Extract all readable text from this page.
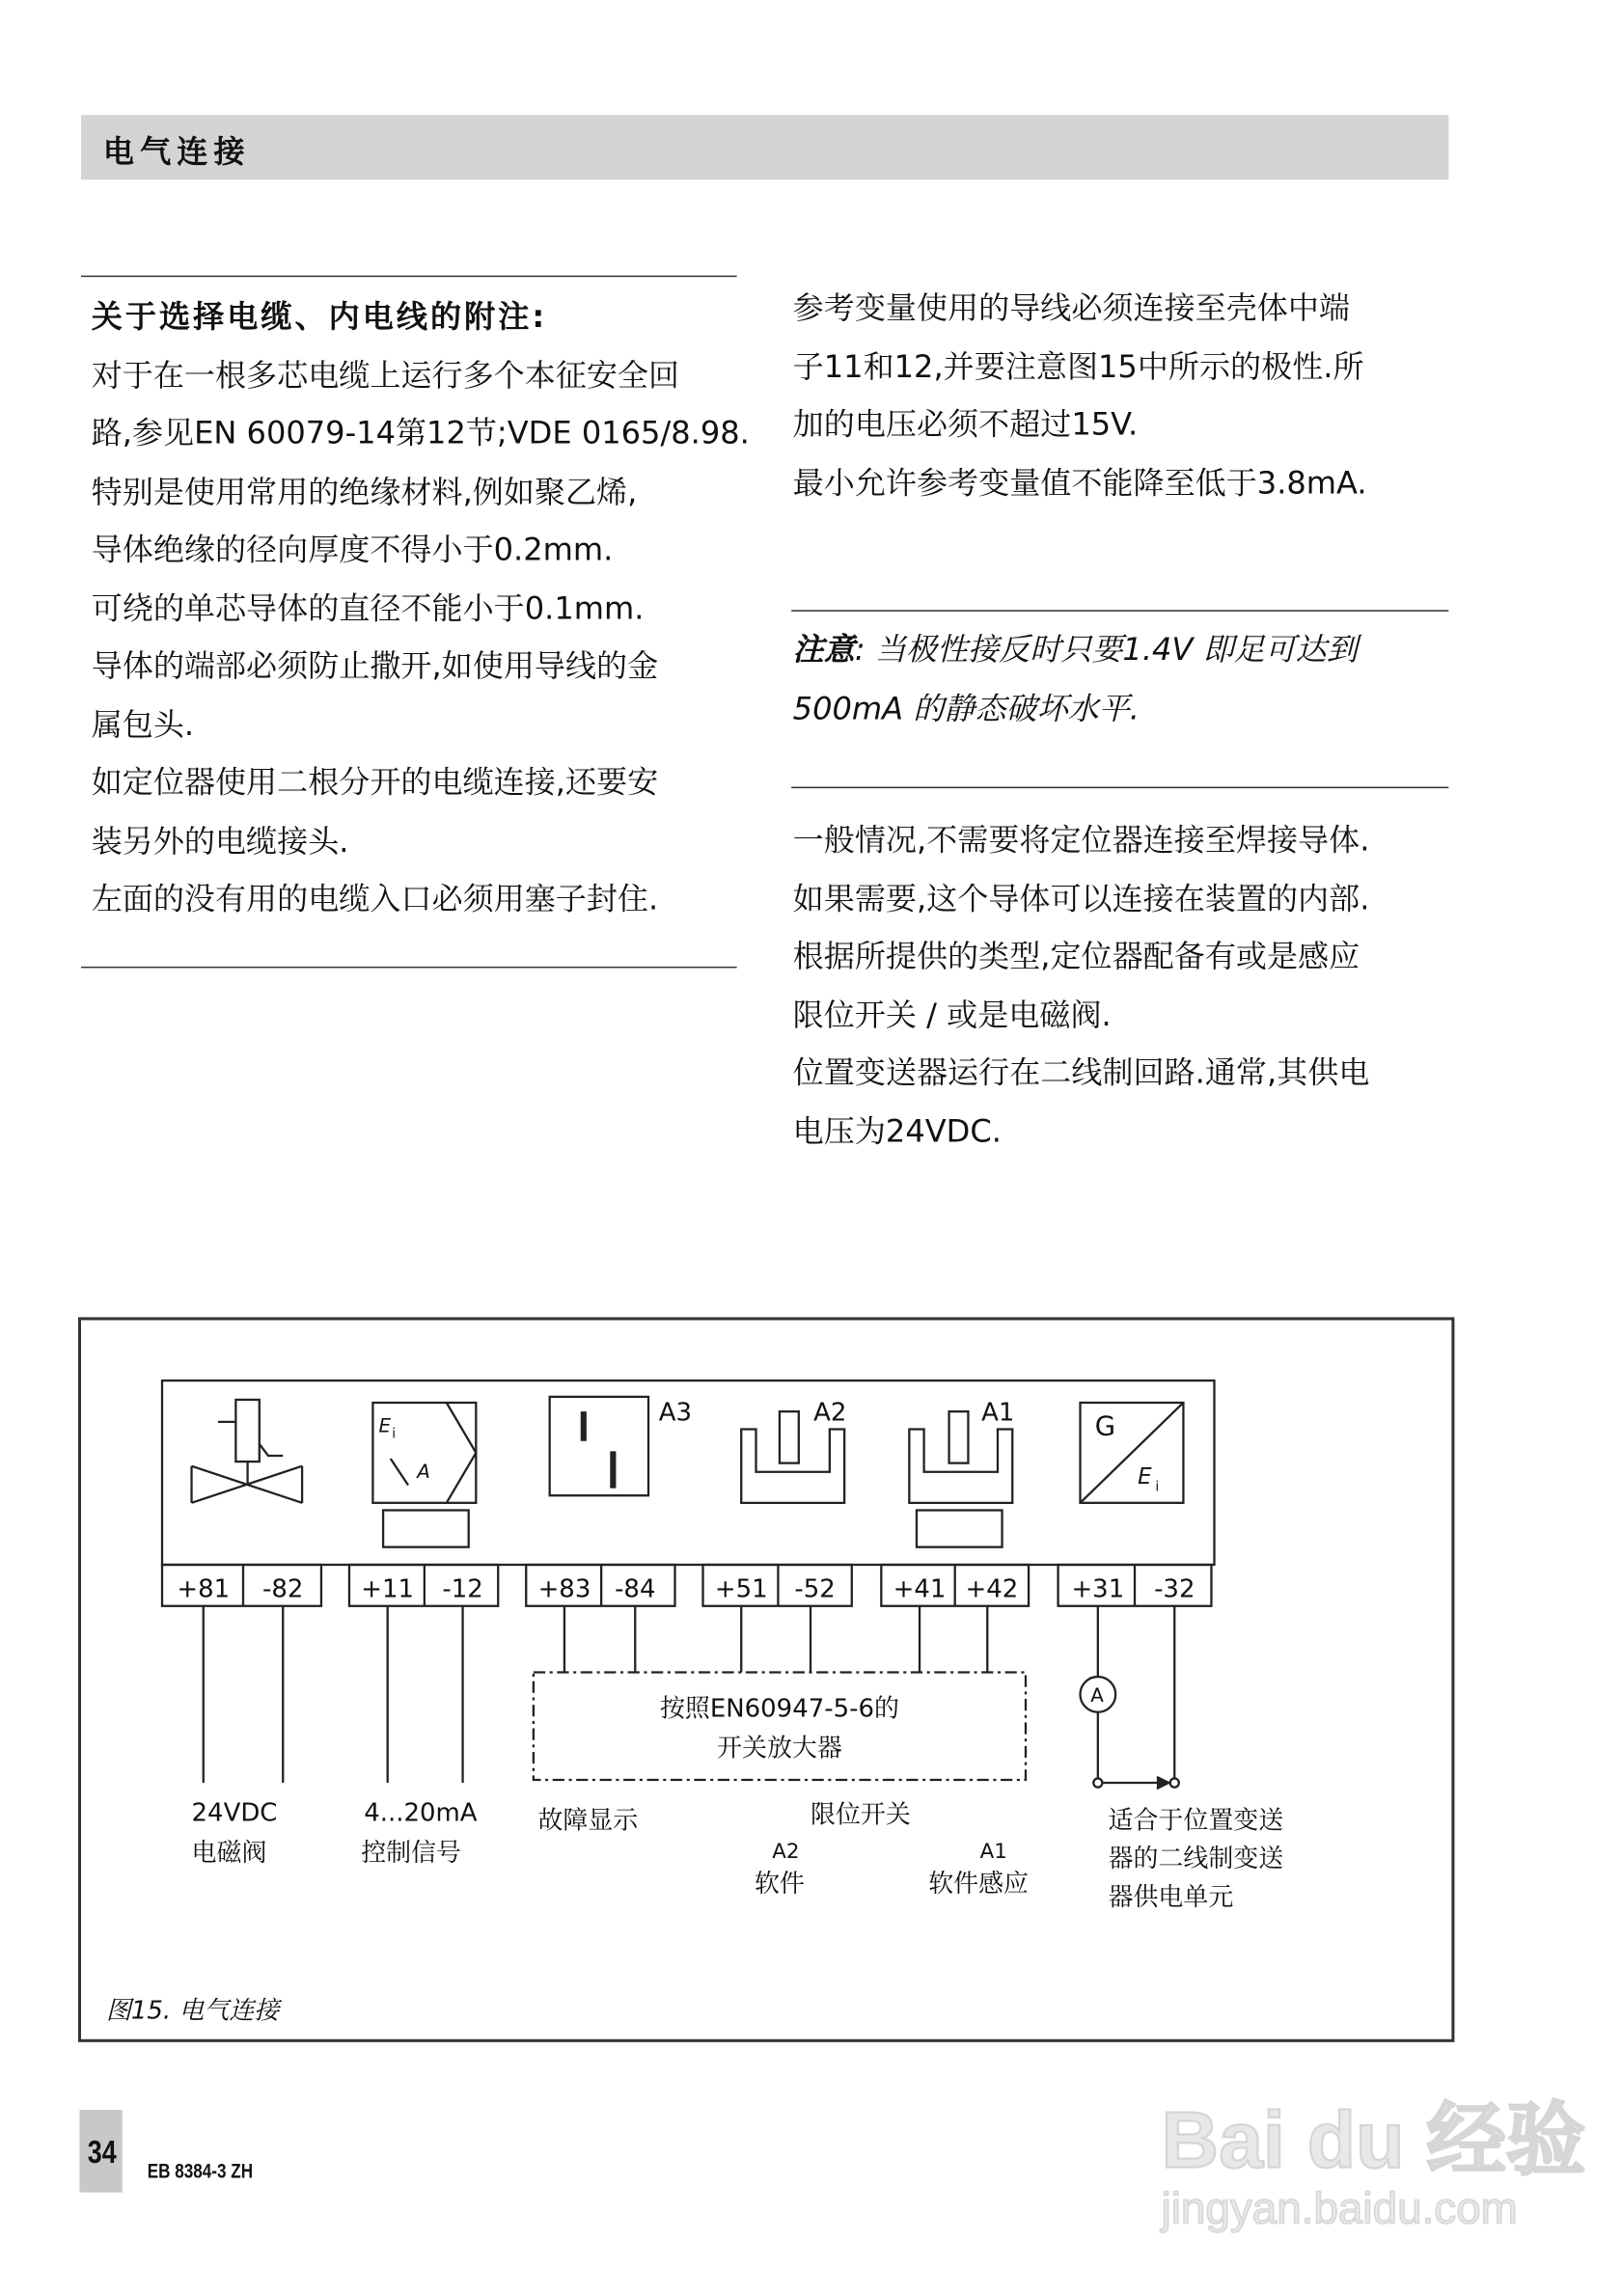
电气连接
关于选择电缆、内电线的附注:
对于在一根多芯电缆上运行多个本征安全回
路,参见EN 60079-14第12节;VDE 0165/8.98.
特别是使用常用的绝缘材料,例如聚乙烯,
导体绝缘的径向厚度不得小于0.2mm.
可绕的单芯导体的直径不能小于0.1mm.
导体的端部必须防止撒开,如使用导线的金
属包头.
如定位器使用二根分开的电缆连接,还要安
装另外的电缆接头.
左面的没有用的电缆入口必须用塞子封住.
参考变量使用的导线必须连接至壳体中端
子11和12,并要注意图15中所示的极性.所
加的电压必须不超过15V.
最小允许参考变量值不能降至低于3.8mA.
注意: 当极性接反时只要1.4V 即足可达到
500mA 的静态破坏水平.
一般情况,不需要将定位器连接至焊接导体.
如果需要,这个导体可以连接在装置的内部.
根据所提供的类型,定位器配备有或是感应
限位开关 / 或是电磁阀.
位置变送器运行在二线制回路.通常,其供电
电压为24VDC.
E i
A
A3	A2	A1	G
E i
A
+81 -82	+11 -12	+83 -84	+51 -52	+41 +42	+31 -32
按照EN60947-5-6的
开关放大器
24VDC
电磁阀
4...20mA
控制信号
故障显示	限位开关
A2
软件
A1
软件感应
适合于位置变送
器的二线制变送
器供电单元
图15. 电气连接
34 EB 8384-3 ZH	Bai du 经验
jingyan.baidu.com
